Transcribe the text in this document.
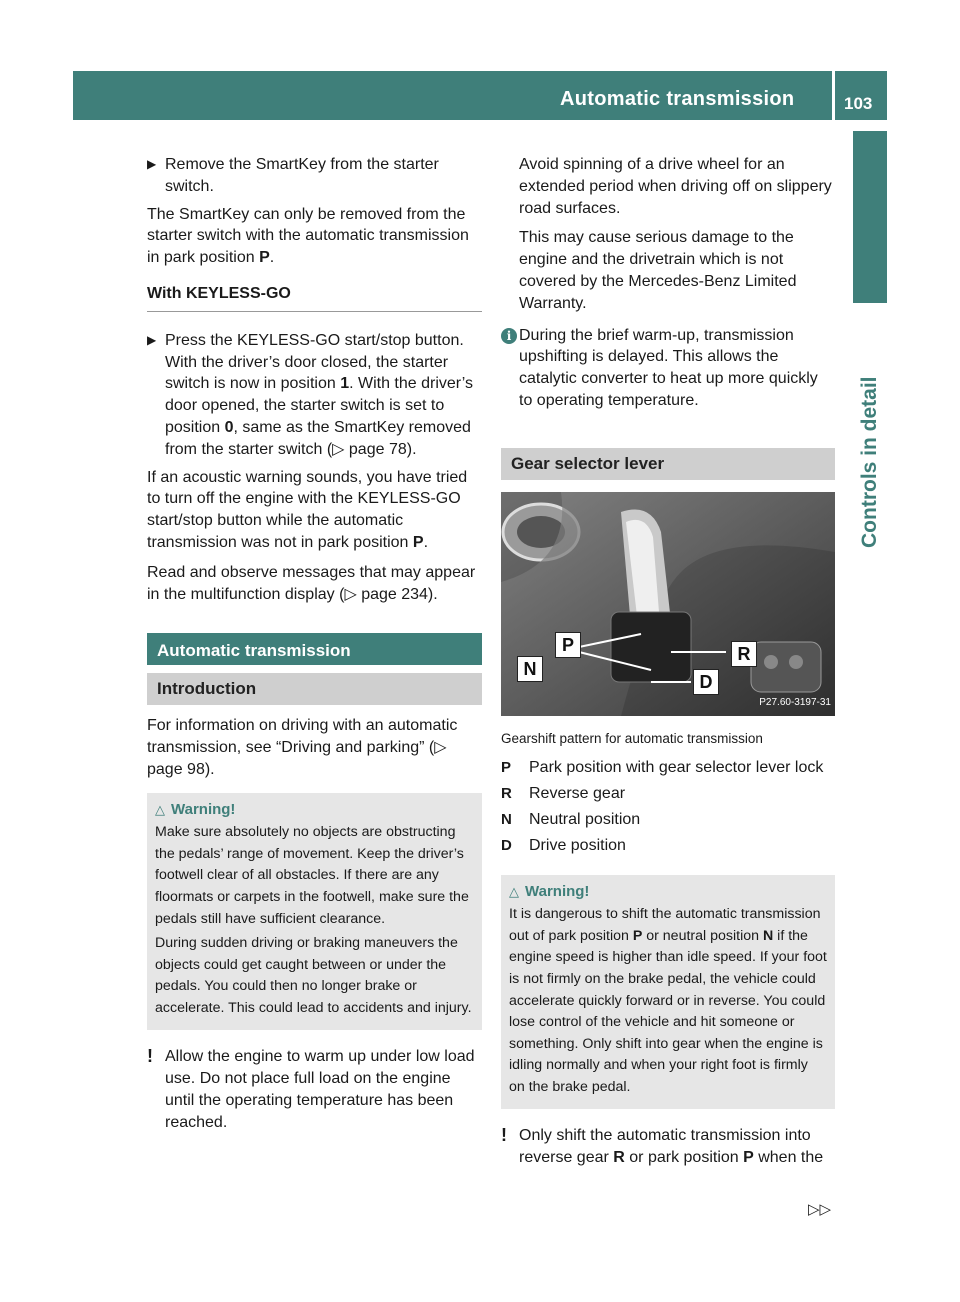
Automatic transmission	103
Controls in detail
▶ Remove the SmartKey from the starter switch.

The SmartKey can only be removed from the starter switch with the automatic transmission in park position P.

With KEYLESS-GO
▶ Press the KEYLESS-GO start/stop button. With the driver’s door closed, the starter switch is now in position 1. With the driver’s door opened, the starter switch is set to position 0, same as the SmartKey removed from the starter switch (▷ page 78).

If an acoustic warning sounds, you have tried to turn off the engine with the KEYLESS-GO start/stop button while the automatic transmission was not in park position P.

Read and observe messages that may appear in the multifunction display (▷ page 234).

Automatic transmission
Introduction

For information on driving with an automatic transmission, see “Driving and parking” (▷ page 98).

△ Warning!

Make sure absolutely no objects are obstructing the pedals’ range of movement. Keep the driver’s footwell clear of all obstacles. If there are any floormats or carpets in the footwell, make sure the pedals still have sufficient clearance.

During sudden driving or braking maneuvers the objects could get caught between or under the pedals. You could then no longer brake or accelerate. This could lead to accidents and injury.

! Allow the engine to warm up under low load use. Do not place full load on the engine until the operating temperature has been reached.

Avoid spinning of a drive wheel for an extended period when driving off on slippery road surfaces.

This may cause serious damage to the engine and the drivetrain which is not covered by the Mercedes-Benz Limited Warranty.

i During the brief warm-up, transmission upshifting is delayed. This allows the catalytic converter to heat up more quickly to operating temperature.
Gear selector lever
P	R
N
D
P27.60-3197-31
Gearshift pattern for automatic transmission
P Park position with gear selector lever lock
R Reverse gear
N Neutral position
D Drive position
△ Warning!

It is dangerous to shift the automatic transmission out of park position P or neutral position N if the engine speed is higher than idle speed. If your foot is not firmly on the brake pedal, the vehicle could accelerate quickly forward or in reverse. You could lose control of the vehicle and hit someone or something. Only shift into gear when the engine is idling normally and when your right foot is firmly on the brake pedal.

! Only shift the automatic transmission into reverse gear R or park position P when the
▷▷
